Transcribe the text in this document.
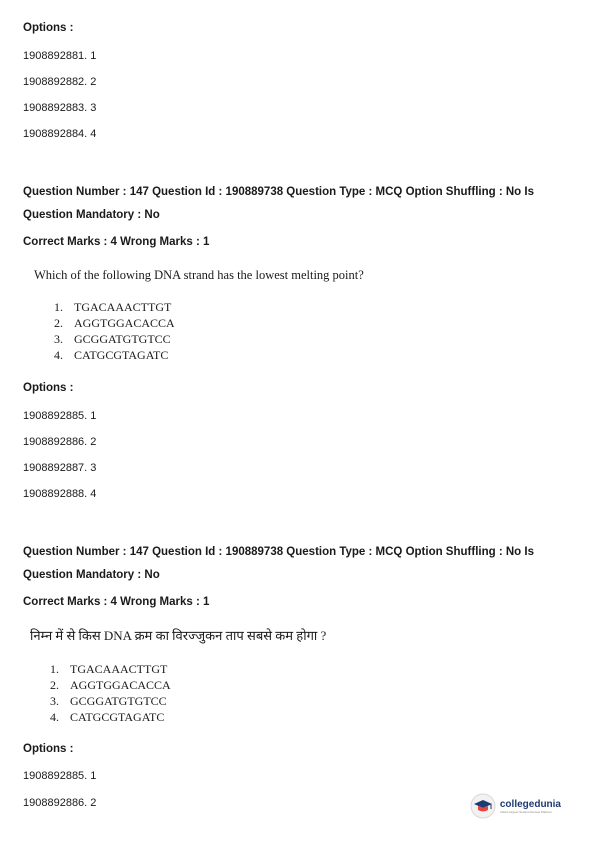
Options :
1908892881. 1
1908892882. 2
1908892883. 3
1908892884. 4
Question Number : 147 Question Id : 190889738 Question Type : MCQ Option Shuffling : No Is
Question Mandatory : No
Correct Marks : 4 Wrong Marks : 1
Which of the following DNA strand has the lowest melting point?
1. TGACAAACTTGT
2. AGGTGGACACCA
3. GCGGATGTGTCC
4. CATGCGTAGATC
Options :
1908892885. 1
1908892886. 2
1908892887. 3
1908892888. 4
Question Number : 147 Question Id : 190889738 Question Type : MCQ Option Shuffling : No Is
Question Mandatory : No
Correct Marks : 4 Wrong Marks : 1
निम्न में से किस DNA क्रम का विरज्जुकन ताप सबसे कम होगा ?
1. TGACAAACTTGT
2. AGGTGGACACCA
3. GCGGATGTGTCC
4. CATGCGTAGATC
Options :
1908892885. 1
1908892886. 2	collegedunia
India's largest Student Review Platform
